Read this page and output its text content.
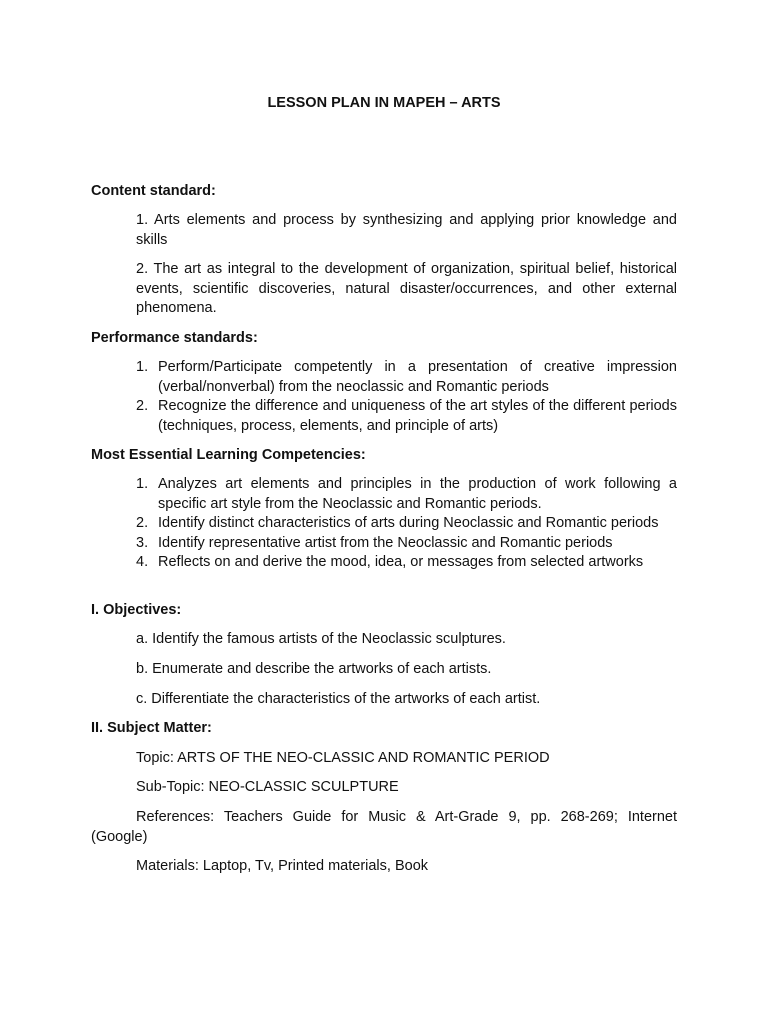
LESSON PLAN IN MAPEH – ARTS

Content standard:

1. Arts elements and process by synthesizing and applying prior knowledge and skills

2. The art as integral to the development of organization, spiritual belief, historical events, scientific discoveries, natural disaster/occurrences, and other external phenomena.

Performance standards:

1. Perform/Participate competently in a presentation of creative impression (verbal/nonverbal) from the neoclassic and Romantic periods
2. Recognize the difference and uniqueness of the art styles of the different periods (techniques, process, elements, and principle of arts)

Most Essential Learning Competencies:

1. Analyzes art elements and principles in the production of work following a specific art style from the Neoclassic and Romantic periods.
2. Identify distinct characteristics of arts during Neoclassic and Romantic periods
3. Identify representative artist from the Neoclassic and Romantic periods
4. Reflects on and derive the mood, idea, or messages from selected artworks

I. Objectives:

a. Identify the famous artists of the Neoclassic sculptures.

b. Enumerate and describe the artworks of each artists.

c. Differentiate the characteristics of the artworks of each artist.

II. Subject Matter:

Topic: ARTS OF THE NEO-CLASSIC AND ROMANTIC PERIOD

Sub-Topic: NEO-CLASSIC SCULPTURE

References: Teachers Guide for Music & Art-Grade 9, pp. 268-269; Internet (Google)

Materials: Laptop, Tv, Printed materials, Book
